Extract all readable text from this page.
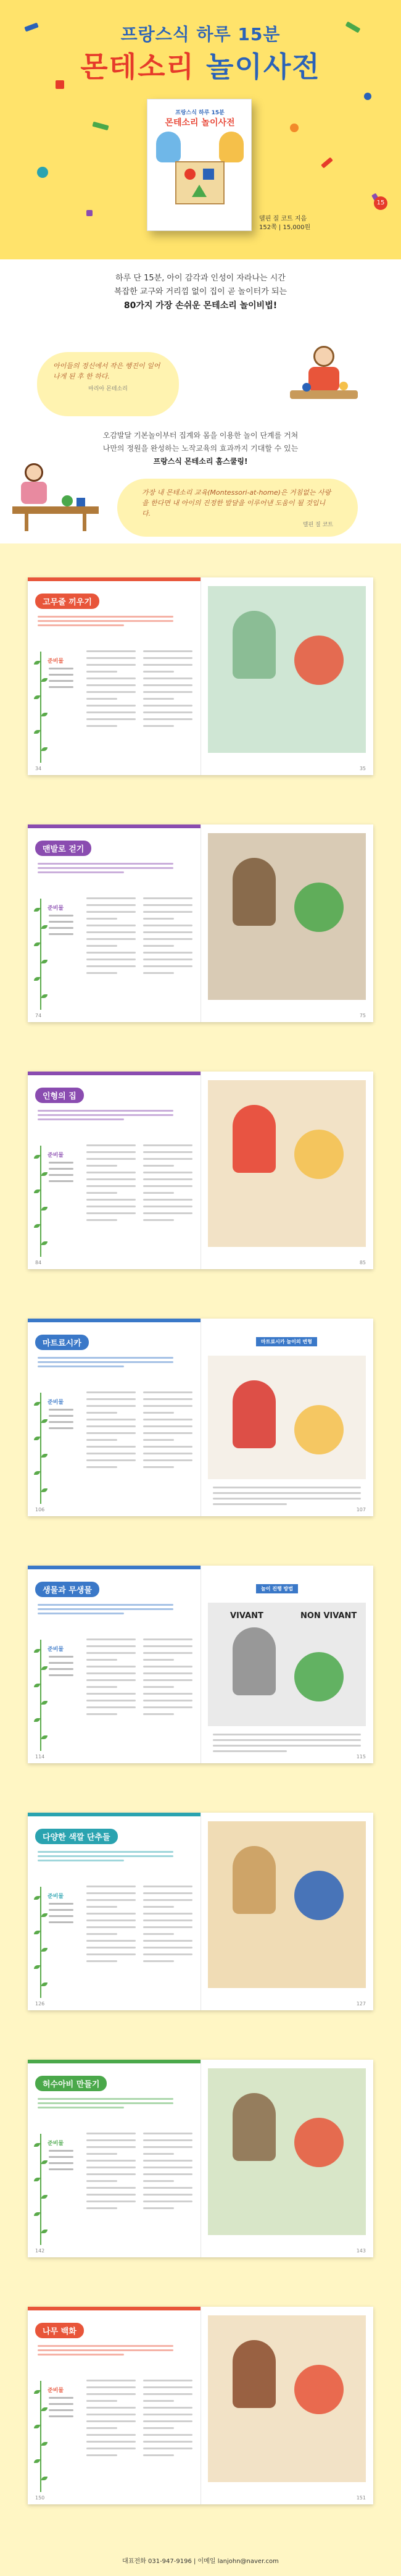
프랑스식 하루 15분
몬테소리 놀이사전
프랑스식 하루 15분
몬테소리 놀이사전
델핀 질 코트 지음
152쪽 | 15,000원
15
하루 단 15분, 아이 감각과 인성이 자라나는 시간
복잡한 교구와 거리낌 없이 집이 곧 놀이터가 되는
80가지 가장 손쉬운 몬테소리 놀이비법!
아이들의 정신에서 작은 행진이 일어나게 된 후 한 하다.
마리아 몬테소리
오감발달 기본놀이부터 집계와 몸을 이용한 놀이 단계를 거쳐
나만의 정원을 완성하는 노작교육의 효과까지 기대할 수 있는
프랑스식 몬테소리 홈스쿨링!
가장 내 몬테소리 교육(Montessori-at-home)은 거침없는 사랑을 한다면 내 아이의 진정한 발달을 이루어낸 도움이 될 것입니다.
델핀 질 코트
고무줄 끼우기
준비물
34	35
맨발로 걷기
준비물
74	75
인형의 집
준비물
84	85
마트료시카
준비물
마트료시카 놀이의 변형
106	107
생물과 무생물
준비물
VIVANT	NON VIVANT
놀이 진행 방법
114	115
다양한 색깔 단추들
준비물
126	127
허수아비 만들기
준비물
142	143
나무 백화
준비물
150	151
대표전화 031-947-9196 | 이메일 lanjohn@naver.com
